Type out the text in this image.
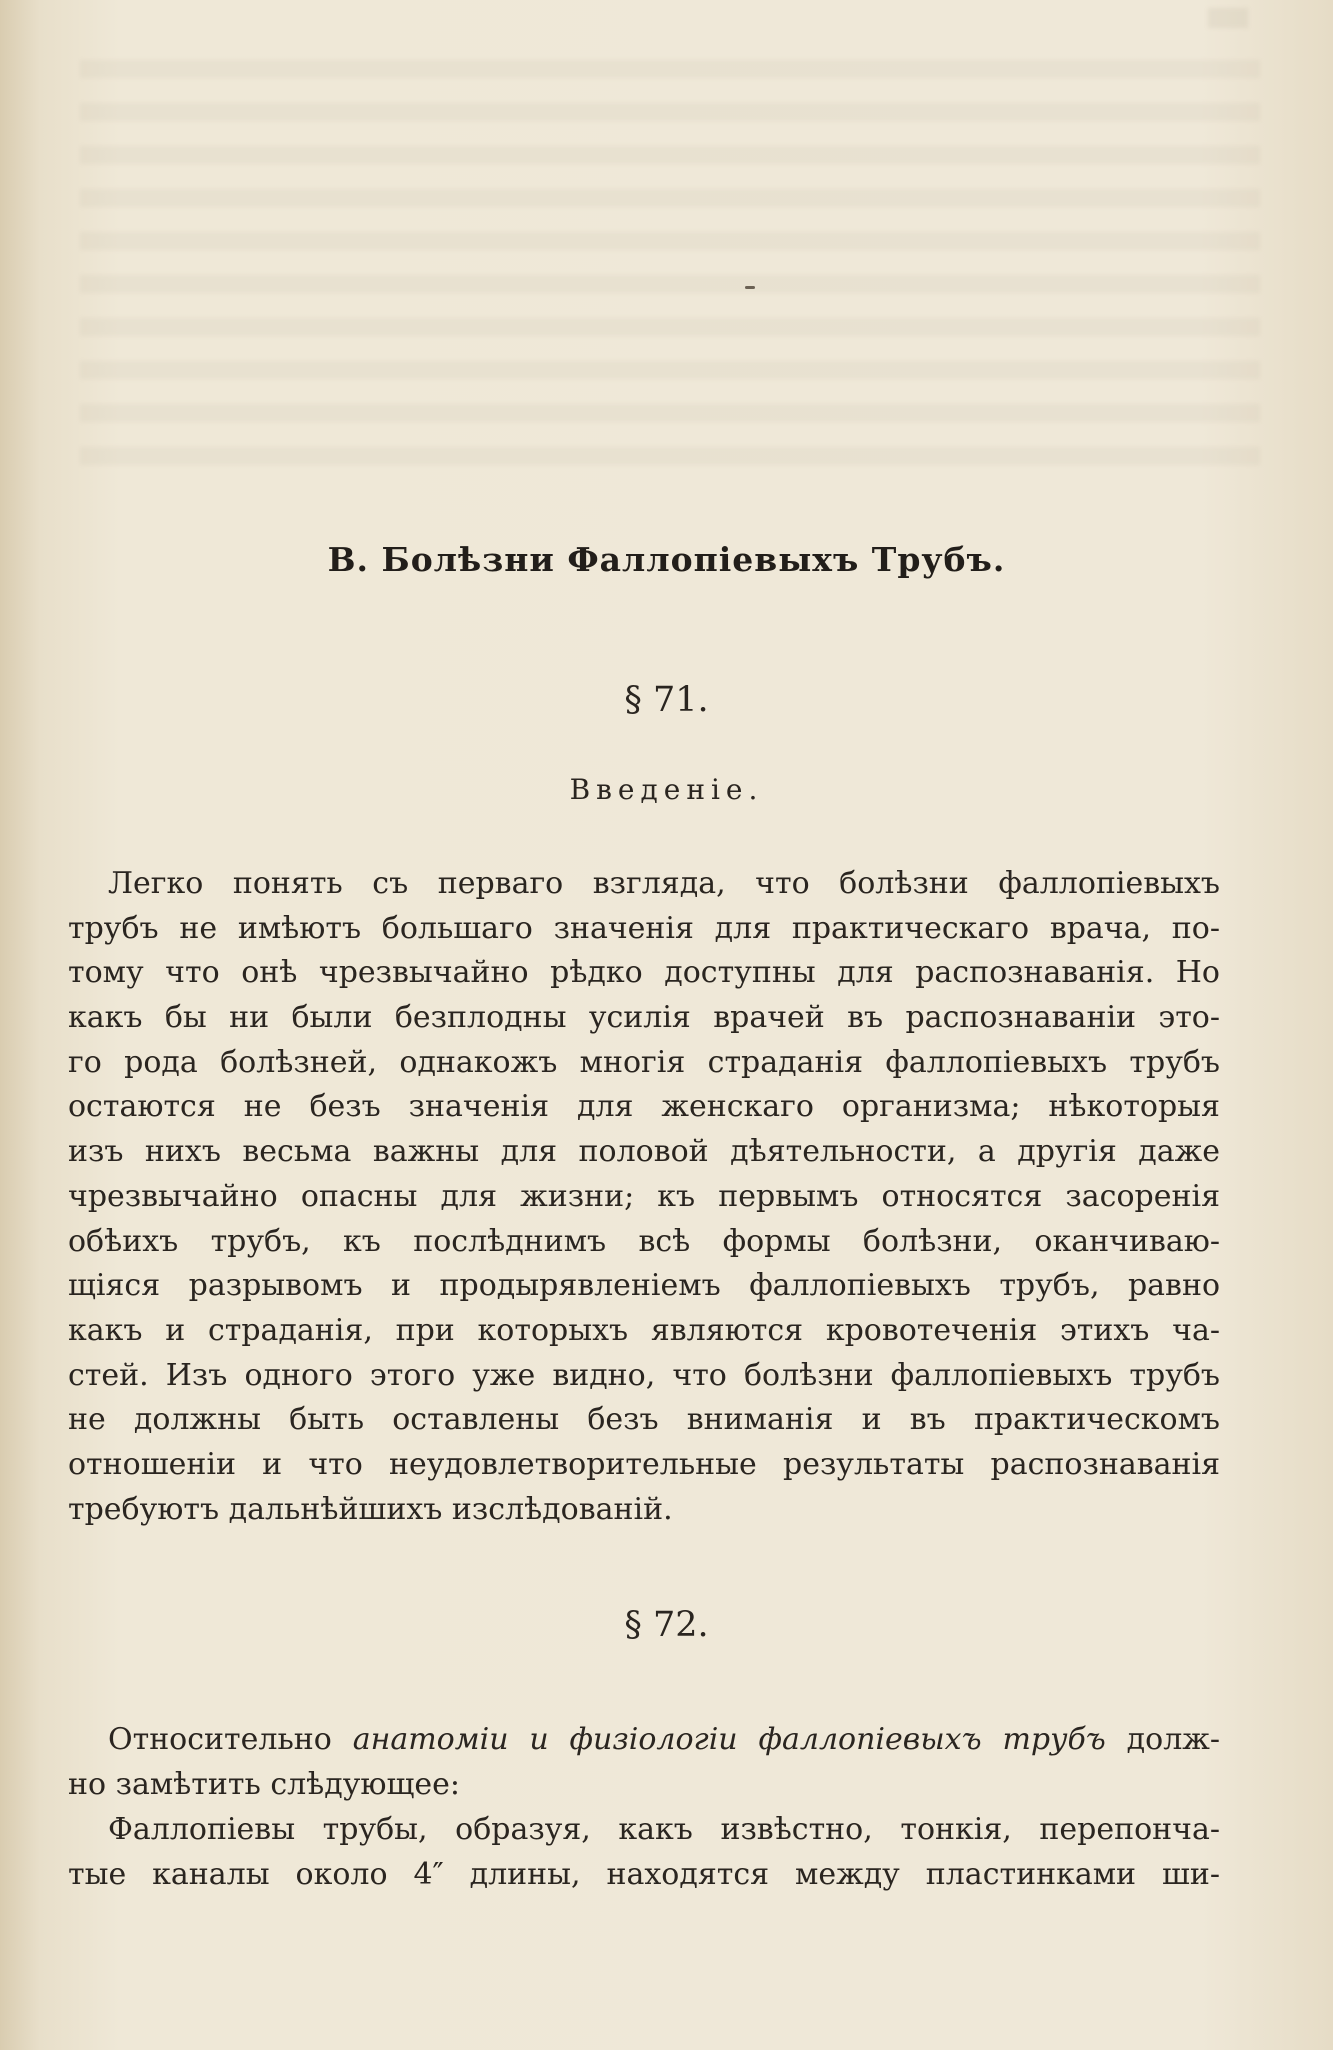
B. Болѣзни Фаллопіевыхъ Трубъ.
§ 71.
Введеніе.
Легко понять съ перваго взгляда, что болѣзни фаллопіевыхъ
трубъ не имѣютъ большаго значенія для практическаго врача, по-
тому что онѣ чрезвычайно рѣдко доступны для распознаванія. Но
какъ бы ни были безплодны усилія врачей въ распознаваніи это-
го рода болѣзней, однакожъ многія страданія фаллопіевыхъ трубъ
остаются не безъ значенія для женскаго организма; нѣкоторыя
изъ нихъ весьма важны для половой дѣятельности, а другія даже
чрезвычайно опасны для жизни; къ первымъ относятся засоренія
обѣихъ трубъ, къ послѣднимъ всѣ формы болѣзни, оканчиваю-
щіяся разрывомъ и продырявленіемъ фаллопіевыхъ трубъ, равно
какъ и страданія, при которыхъ являются кровотеченія этихъ ча-
стей. Изъ одного этого уже видно, что болѣзни фаллопіевыхъ трубъ
не должны быть оставлены безъ вниманія и въ практическомъ
отношеніи и что неудовлетворительные результаты распознаванія
требуютъ дальнѣйшихъ изслѣдованій.
§ 72.
Относительно анатоміи и физіологіи фаллопіевыхъ трубъ долж-
но замѣтить слѣдующее:
Фаллопіевы трубы, образуя, какъ извѣстно, тонкія, перепонча-
тые каналы около 4″ длины, находятся между пластинками ши-
